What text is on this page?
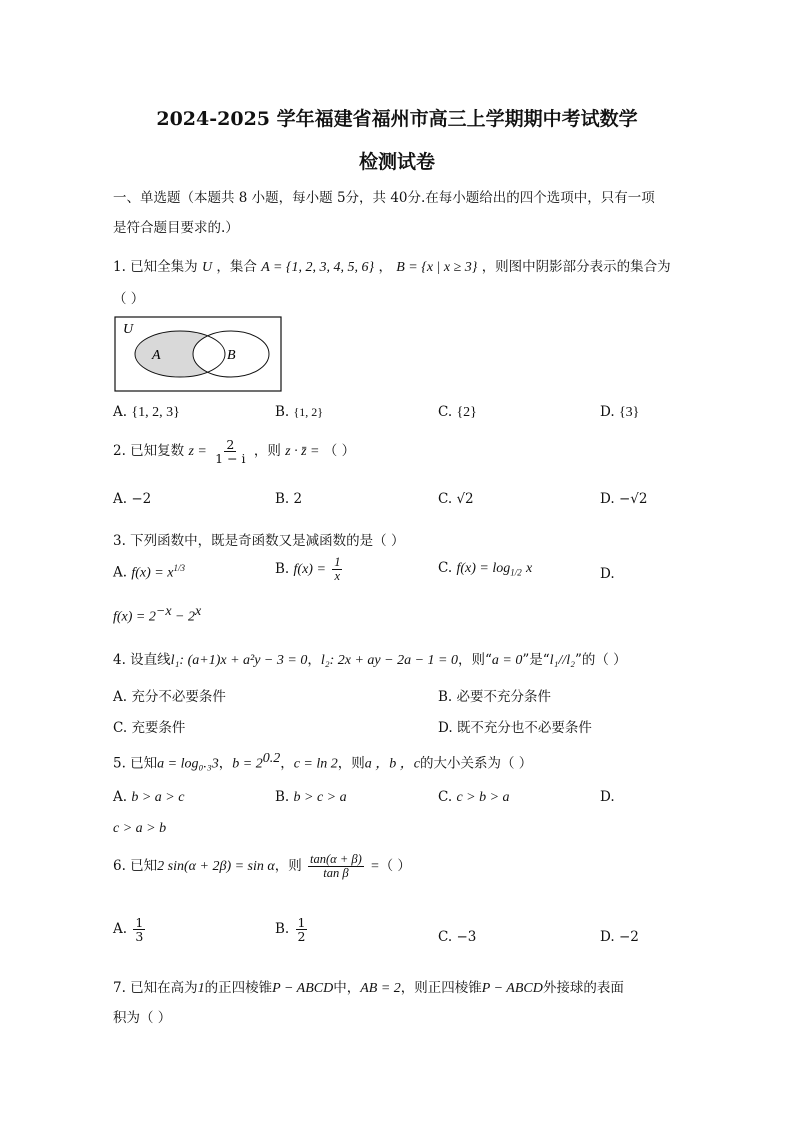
2024-2025 学年福建省福州市高三上学期期中考试数学
检测试卷
一、单选题（本题共 8 小题，每小题 5分，共 40分.在每小题给出的四个选项中，只有一项
是符合题目要求的.）
1. 已知全集为 U ，集合 A = {1, 2, 3, 4, 5, 6} ， B = {x | x ≥ 3} ，则图中阴影部分表示的集合为
（ ）
U
A	B
A. {1, 2, 3}	B. {1, 2}	C. {2}	D. {3}
2. 已知复数 $z = \frac{2}{1 - i}$ ，则 z · z̄ = （ ）
A. −2	B. 2	C. √2	D. −√2
3. 下列函数中，既是奇函数又是减函数的是（ ）
A. $f(x) = x^{1/3}$	B. $f(x) = \frac{1}{x}$	C. $f(x) = \log_{1/2} x$	D.
$f(x) = 2^{-x} - 2^x$
4. 设直线l₁: (a+1)x + a²y − 3 = 0，l₂: 2x + ay − 2a − 1 = 0，则“a = 0”是“l₁//l₂”的（ ）
A. 充分不必要条件	B. 必要不充分条件
C. 充要条件	D. 既不充分也不必要条件
5. 已知a = log₀.₃3，$b = 2^{0.2}$，c = ln 2，则a ，b ，c的大小关系为（ ）
A. b > a > c	B. b > c > a	C. c > b > a	D.
c > a > b
6. 已知2 sin(α + 2β) = sin α，则 $\frac{\tan(\alpha + \beta)}{\text{tan β}}$ =（ ）
A. $\frac{1}{3}$	B. $\frac{1}{2}$	C. −3	D. −2
7. 已知在高为1的正四棱锥P − ABCD中，AB = 2，则正四棱锥P − ABCD外接球的表面
积为（ ）
